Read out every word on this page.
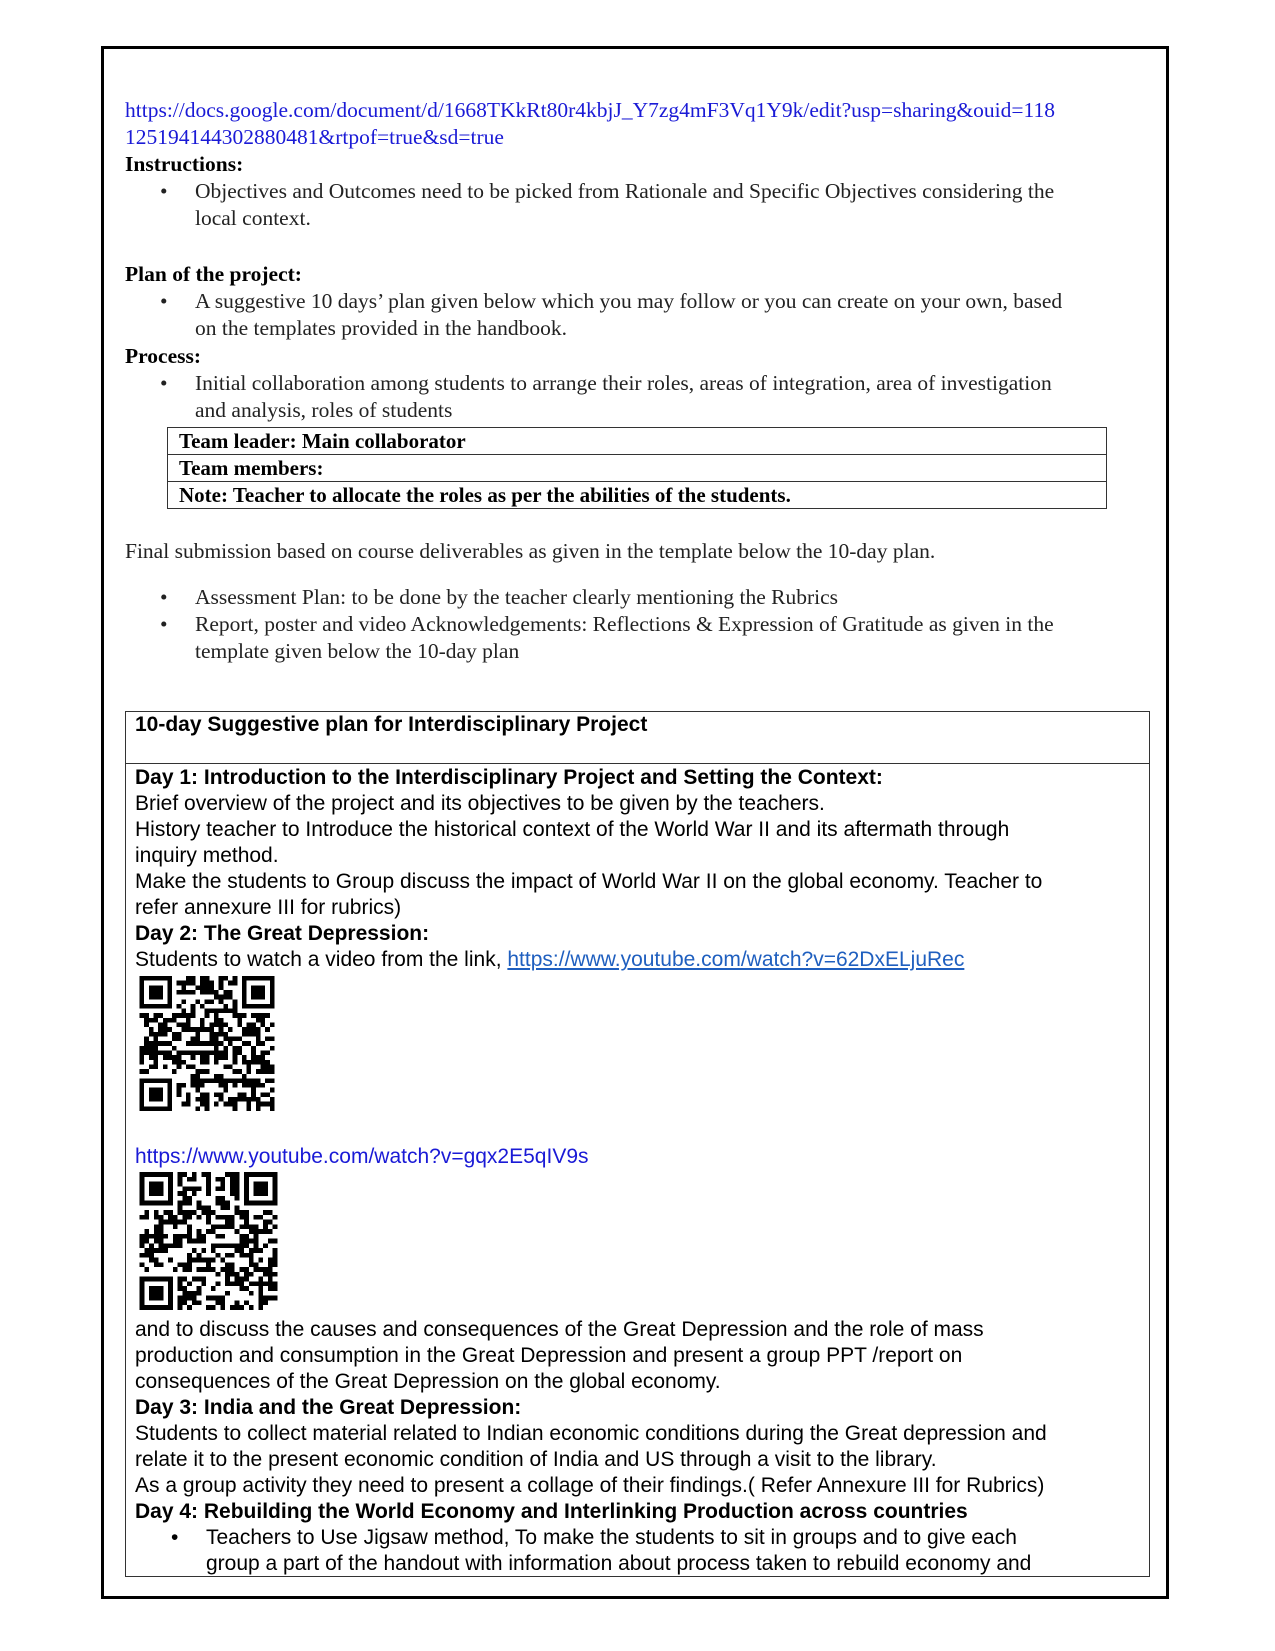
https://docs.google.com/document/d/1668TKkRt80r4kbjJ_Y7zg4mF3Vq1Y9k/edit?usp=sharing&ouid=118
125194144302880481&rtpof=true&sd=true
Instructions:
• Objectives and Outcomes need to be picked from Rationale and Specific Objectives considering the
local context.
Plan of the project:
• A suggestive 10 days’ plan given below which you may follow or you can create on your own, based
on the templates provided in the handbook.
Process:
• Initial collaboration among students to arrange their roles, areas of integration, area of investigation
and analysis, roles of students
Team leader: Main collaborator
Team members:
Note: Teacher to allocate the roles as per the abilities of the students.
Final submission based on course deliverables as given in the template below the 10-day plan.
• Assessment Plan: to be done by the teacher clearly mentioning the Rubrics
• Report, poster and video Acknowledgements: Reflections & Expression of Gratitude as given in the
template given below the 10-day plan
10-day Suggestive plan for Interdisciplinary Project
Day 1: Introduction to the Interdisciplinary Project and Setting the Context:
Brief overview of the project and its objectives to be given by the teachers.
History teacher to Introduce the historical context of the World War II and its aftermath through
inquiry method.
Make the students to Group discuss the impact of World War II on the global economy. Teacher to
refer annexure III for rubrics)
Day 2: The Great Depression:
Students to watch a video from the link, https://www.youtube.com/watch?v=62DxELjuRec
https://www.youtube.com/watch?v=gqx2E5qIV9s
and to discuss the causes and consequences of the Great Depression and the role of mass
production and consumption in the Great Depression and present a group PPT /report on
consequences of the Great Depression on the global economy.
Day 3: India and the Great Depression:
Students to collect material related to Indian economic conditions during the Great depression and
relate it to the present economic condition of India and US through a visit to the library.
As a group activity they need to present a collage of their findings.( Refer Annexure III for Rubrics)
Day 4: Rebuilding the World Economy and Interlinking Production across countries
• Teachers to Use Jigsaw method, To make the students to sit in groups and to give each
group a part of the handout with information about process taken to rebuild economy and
